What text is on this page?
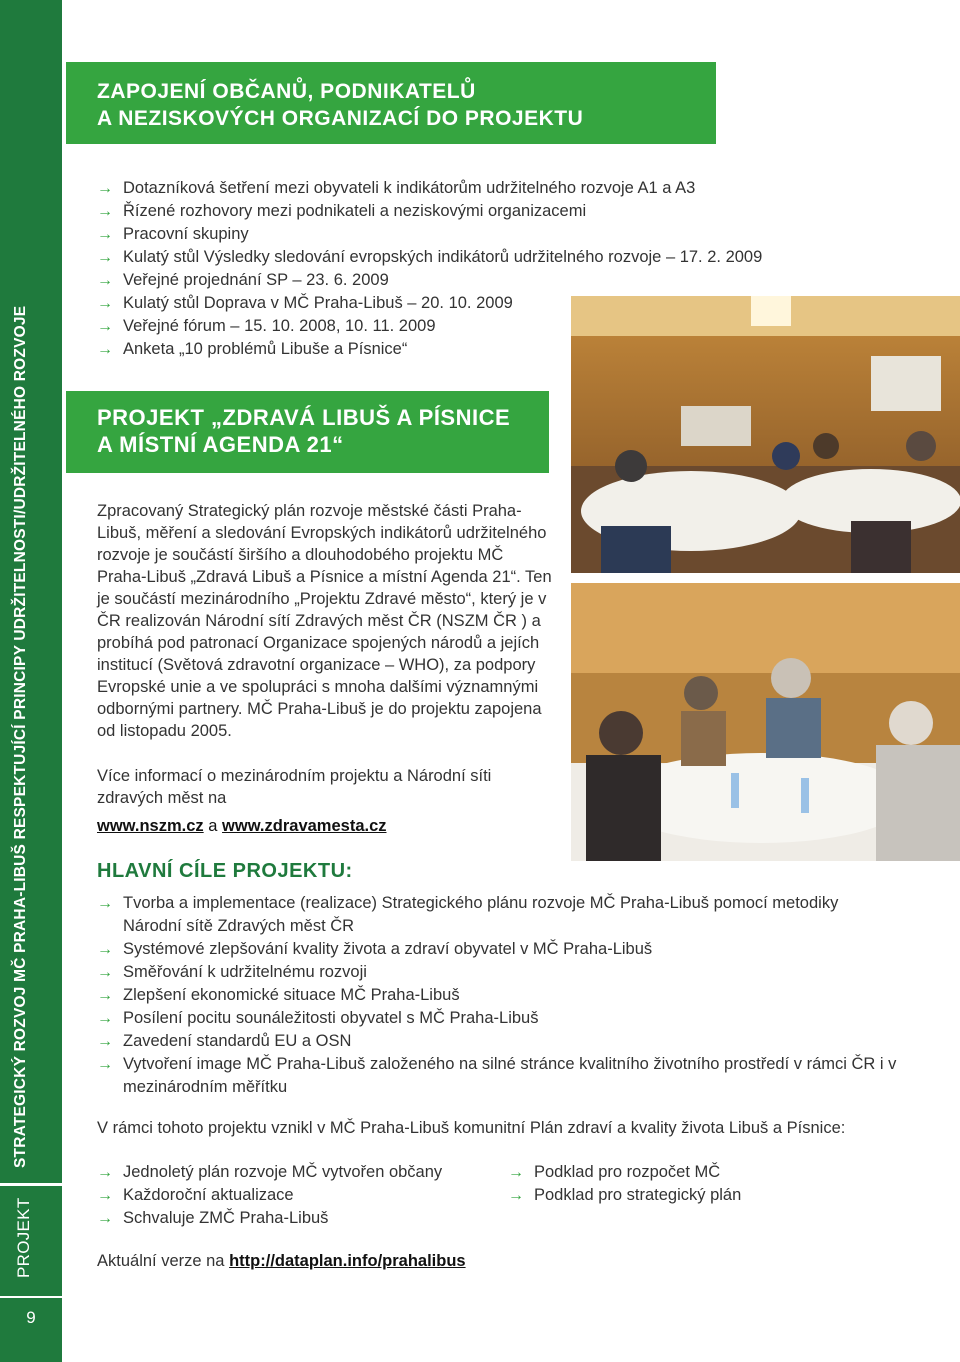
STRATEGICKÝ ROZVOJ MČ PRAHA-LIBUŠ RESPEKTUJÍCÍ PRINCIPY UDRŽITELNOSTI/UDRŽITELNÉHO ROZVOJE
PROJEKT
9
ZAPOJENÍ OBČANŮ, PODNIKATELŮ
A NEZISKOVÝCH ORGANIZACÍ DO PROJEKTU
→ Dotazníková šetření mezi obyvateli k indikátorům udržitelného rozvoje A1 a A3
→ Řízené rozhovory mezi podnikateli a neziskovými organizacemi
→ Pracovní skupiny
→ Kulatý stůl Výsledky sledování evropských indikátorů udržitelného rozvoje – 17. 2. 2009
→ Veřejné projednání SP – 23. 6. 2009
→ Kulatý stůl Doprava v MČ Praha-Libuš – 20. 10. 2009
→ Veřejné fórum – 15. 10. 2008, 10. 11. 2009
→ Anketa „10 problémů Libuše a Písnice“
PROJEKT „ZDRAVÁ LIBUŠ A PÍSNICE
A MÍSTNÍ AGENDA 21“
Zpracovaný Strategický plán rozvoje městské části Praha-Libuš, měření a sledování Evropských indikátorů udržitelného rozvoje je součástí širšího a dlouhodobého projektu MČ Praha-Libuš „Zdravá Libuš a Písnice a místní Agenda 21“. Ten je součástí mezinárodního „Projektu Zdravé město“, který je v ČR realizován Národní sítí Zdravých měst ČR (NSZM ČR ) a probíhá pod patronací Organizace spojených národů a jejích institucí (Světová zdravotní organizace – WHO), za podpory Evropské unie a ve spolupráci s mnoha dalšími významnými odbornými partnery. MČ Praha-Libuš je do projektu zapojena od listopadu 2005.
Více informací o mezinárodním projektu a Národní síti zdravých měst na
www.nszm.cz a www.zdravamesta.cz
HLAVNÍ CÍLE PROJEKTU:
→ Tvorba a implementace (realizace) Strategického plánu rozvoje MČ Praha-Libuš pomocí metodiky Národní sítě Zdravých měst ČR
→ Systémové zlepšování kvality života a zdraví obyvatel v MČ Praha-Libuš
→ Směřování k udržitelnému rozvoji
→ Zlepšení ekonomické situace MČ Praha-Libuš
→ Posílení pocitu sounáležitosti obyvatel s MČ Praha-Libuš
→ Zavedení standardů EU a OSN
→ Vytvoření image MČ Praha-Libuš založeného na silné stránce kvalitního životního prostředí v rámci ČR i v mezinárodním měřítku
V rámci tohoto projektu vznikl v MČ Praha-Libuš komunitní Plán zdraví a kvality života Libuš a Písnice:
→ Jednoletý plán rozvoje MČ vytvořen občany
→ Každoroční aktualizace
→ Schvaluje ZMČ Praha-Libuš
→ Podklad pro rozpočet MČ
→ Podklad pro strategický plán
Aktuální verze na http://dataplan.info/prahalibus
